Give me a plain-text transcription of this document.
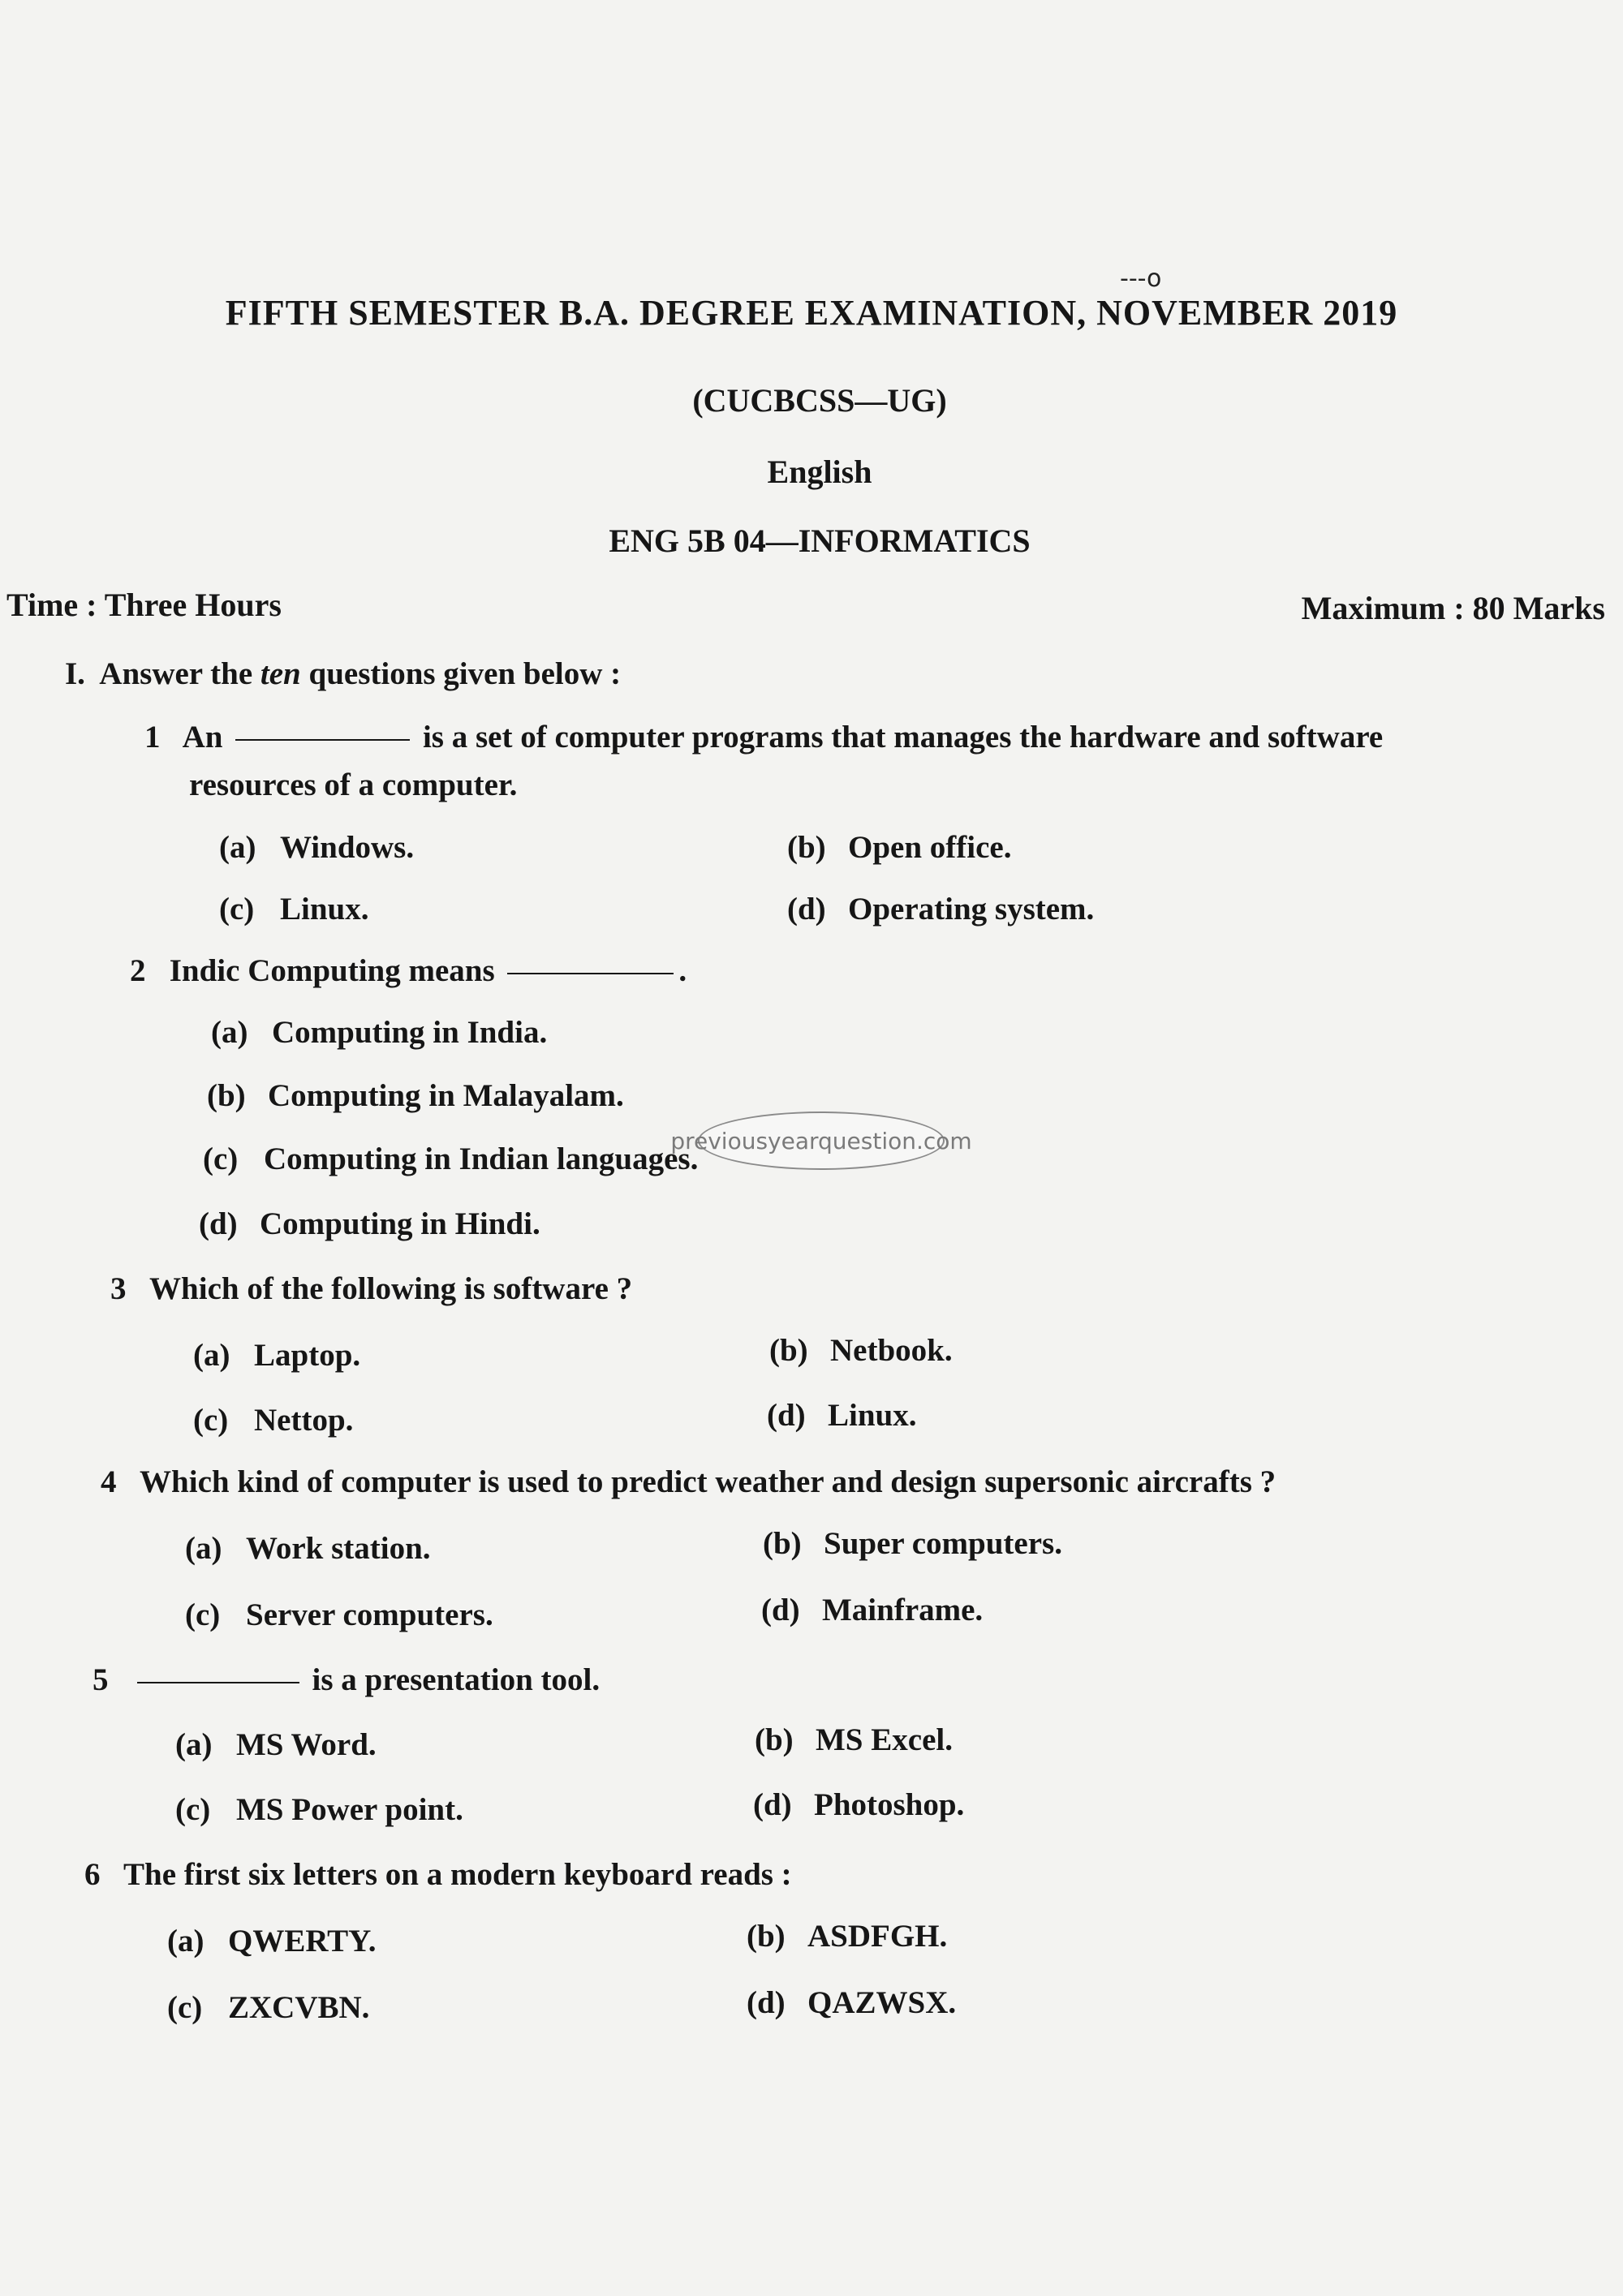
---o
FIFTH SEMESTER B.A. DEGREE EXAMINATION, NOVEMBER 2019
(CUCBCSS—UG)
English
ENG 5B 04—INFORMATICS
Time : Three Hours	Maximum : 80 Marks
I. Answer the ten questions given below :
1 An	is a set of computer programs that manages the hardware and software
resources of a computer.
(a) Windows.	(b) Open office.
(c) Linux.	(d) Operating system.
2 Indic Computing means	.
(a) Computing in India.
(b) Computing in Malayalam.
(c) Computing in Indian languages.
(d) Computing in Hindi.
previousyearquestion.com
3 Which of the following is software ?
(a) Laptop.	(b) Netbook.
(c) Nettop.	(d) Linux.
4 Which kind of computer is used to predict weather and design supersonic aircrafts ?
(a) Work station.	(b) Super computers.
(c) Server computers.	(d) Mainframe.
5	is a presentation tool.
(a) MS Word.	(b) MS Excel.
(c) MS Power point.	(d) Photoshop.
6 The first six letters on a modern keyboard reads :
(a) QWERTY.	(b) ASDFGH.
(c) ZXCVBN.	(d) QAZWSX.
